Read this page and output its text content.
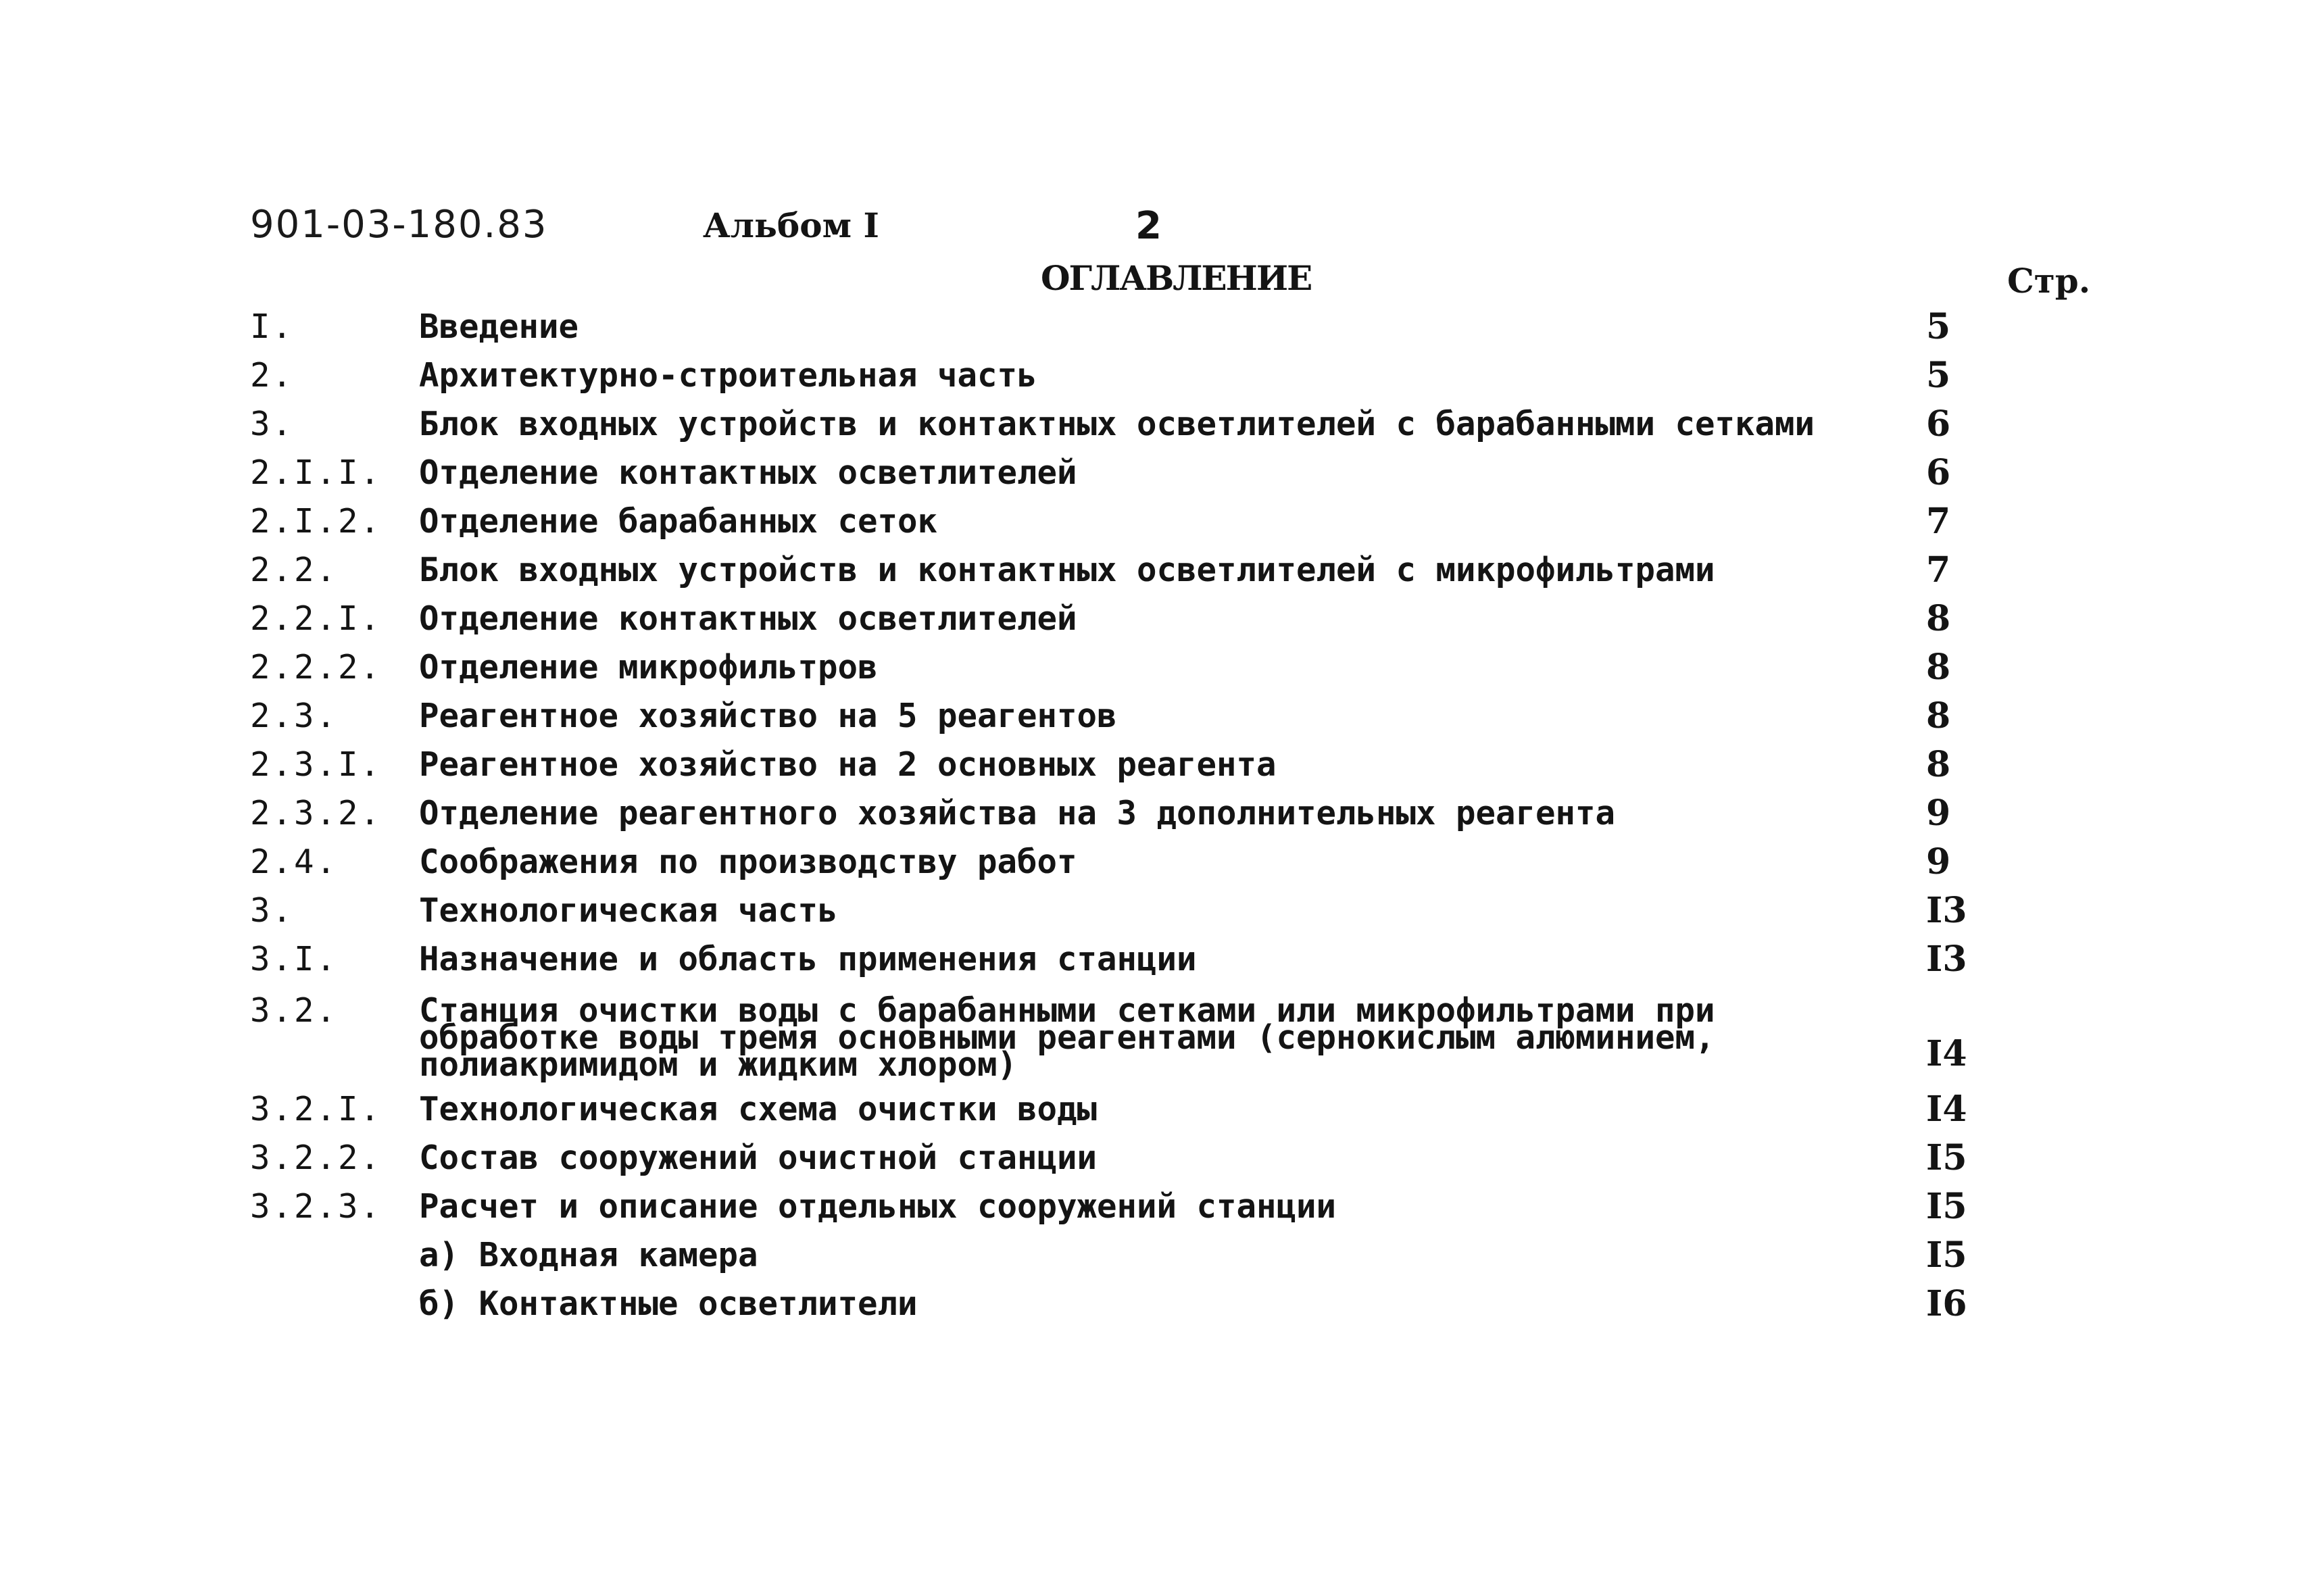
901-03-180.83	Альбом I	2
ОГЛАВЛЕНИЕ	Стр.
I.	Введение	5
2.	Архитектурно-строительная часть	5
3.	Блок входных устройств и контактных осветлителей с барабанными сетками	6
2.I.I.	Отделение контактных осветлителей	6
2.I.2.	Отделение барабанных сеток	7
2.2.	Блок входных устройств и контактных осветлителей с микрофильтрами	7
2.2.I.	Отделение контактных осветлителей	8
2.2.2.	Отделение микрофильтров	8
2.3.	Реагентное хозяйство на 5 реагентов	8
2.3.I.	Реагентное хозяйство на 2 основных реагента	8
2.3.2.	Отделение реагентного хозяйства на 3 дополнительных реагента	9
2.4.	Соображения по производству работ	9
3.	Технологическая часть	I3
3.I.	Назначение и область применения станции	I3
3.2.	Станция очистки воды с барабанными сетками или микрофильтрами при
обработке воды тремя основными реагентами (сернокислым алюминием,
полиакримидом и жидким хлором)	I4
3.2.I.	Технологическая схема очистки воды	I4
3.2.2.	Состав сооружений очистной станции	I5
3.2.3.	Расчет и описание отдельных сооружений станции	I5
а) Входная камера	I5
б) Контактные осветлители	I6
